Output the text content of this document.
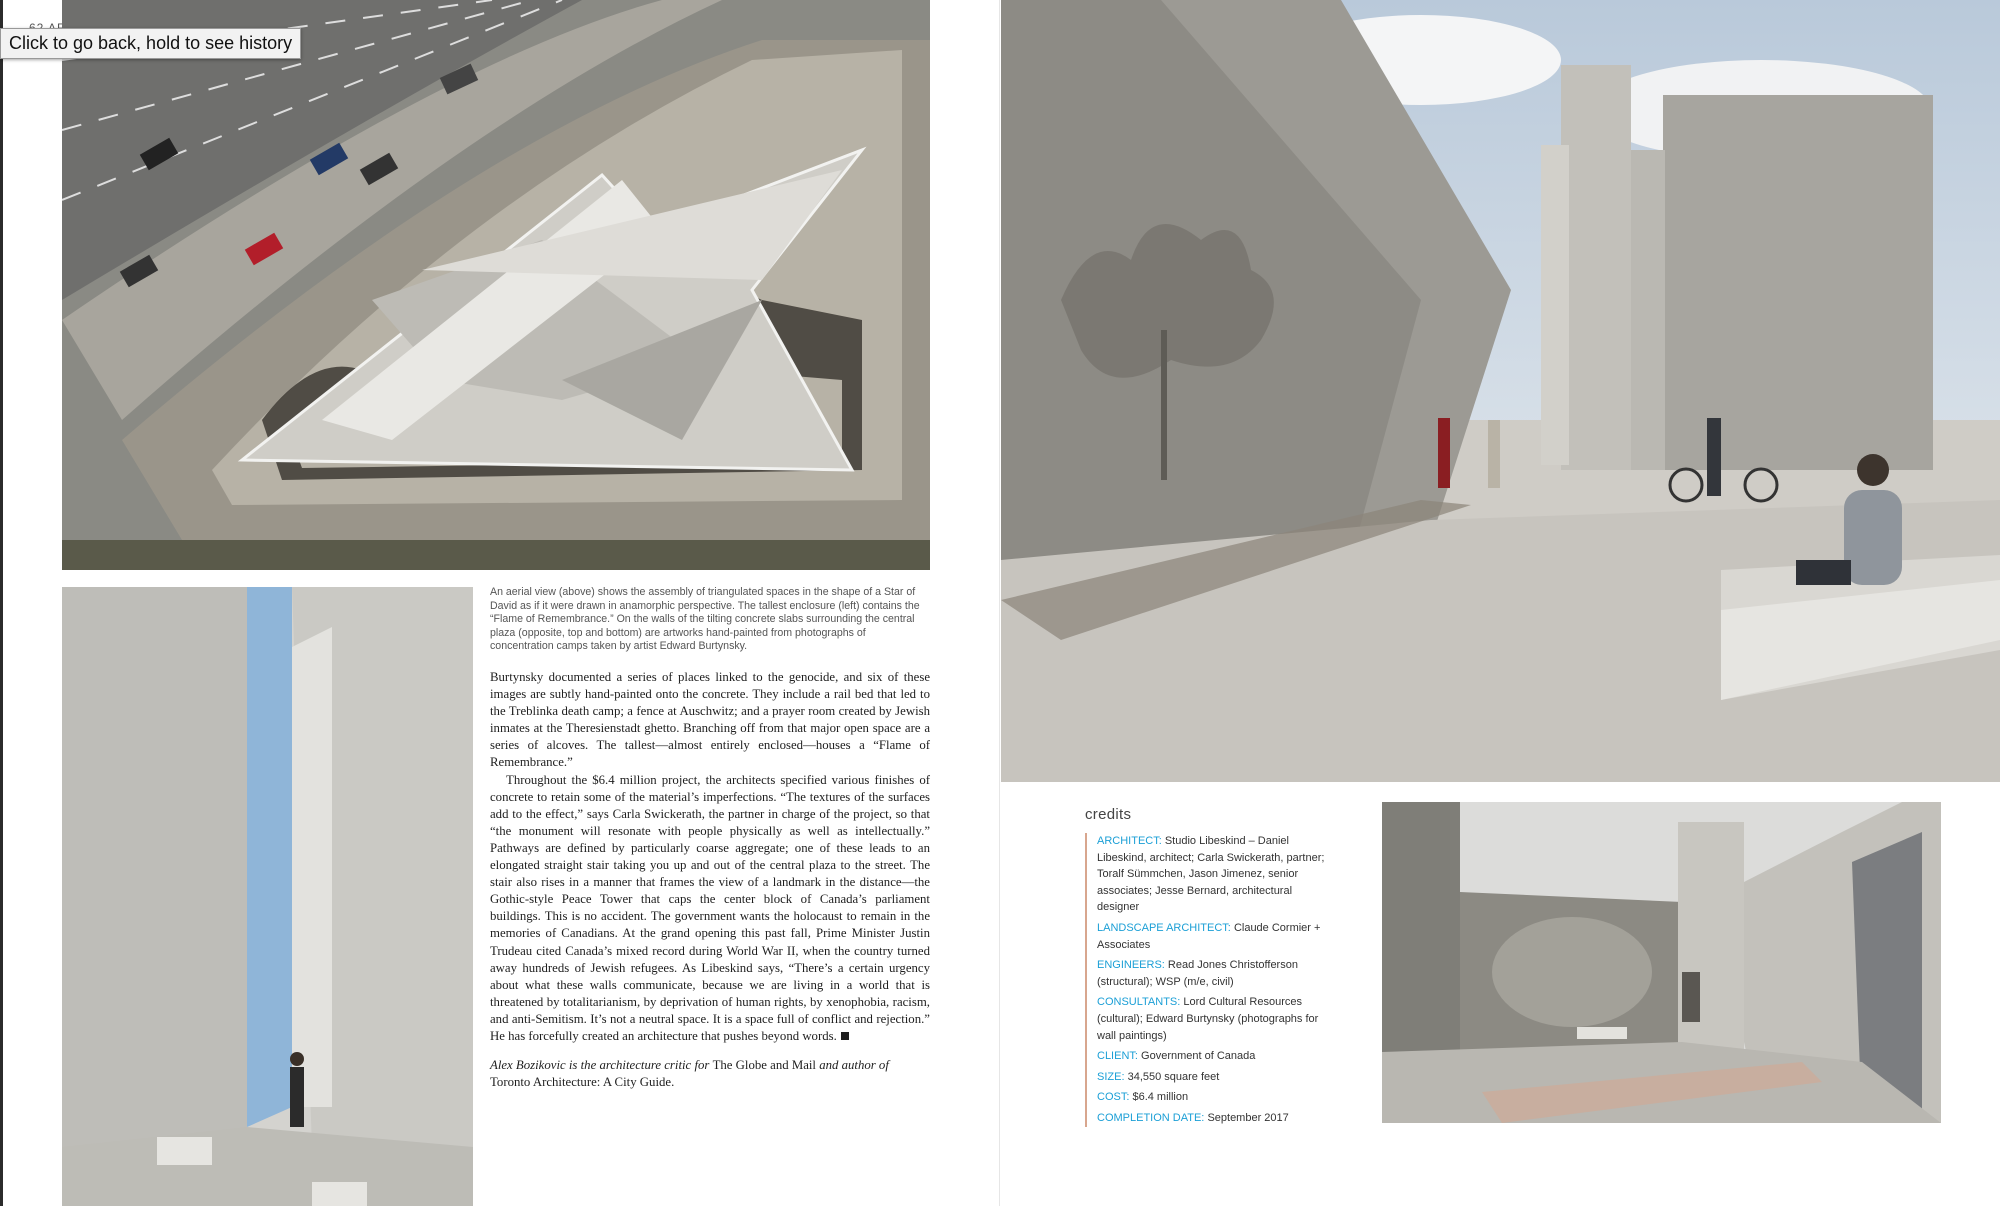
An aerial view (above) shows the assembly of triangulated spaces in the shape of a Star of David as if it were drawn in anamorphic perspective. The tallest enclosure (left) contains the “Flame of Remembrance.” On the walls of the tilting concrete slabs surrounding the central plaza (opposite, top and bottom) are artworks hand-painted from photographs of concentration camps taken by artist Edward Burtynsky.

Burtynsky documented a series of places linked to the genocide, and six of these images are subtly hand-painted onto the concrete. They include a rail bed that led to the Treblinka death camp; a fence at Auschwitz; and a prayer room created by Jewish inmates at the Theresienstadt ghetto. Branching off from that major open space are a series of alcoves. The tallest—almost entirely enclosed—houses a “Flame of Remembrance.”

Throughout the $6.4 million project, the architects specified various finishes of concrete to retain some of the material’s imperfections. “The textures of the surfaces add to the effect,” says Carla Swickerath, the partner in charge of the project, so that “the monument will resonate with people physically as well as intellectually.” Pathways are defined by particularly coarse aggregate; one of these leads to an elongated straight stair taking you up and out of the central plaza to the street. The stair also rises in a manner that frames the view of a landmark in the distance—the Gothic-style Peace Tower that caps the center block of Canada’s parliament buildings. This is no accident. The government wants the holocaust to remain in the memories of Canadians. At the grand opening this past fall, Prime Minister Justin Trudeau cited Canada’s mixed record during World War II, when the country turned away hundreds of Jewish refugees. As Libeskind says, “There’s a certain urgency about what these walls communicate, because we are living in a world that is threatened by totalitarianism, by deprivation of human rights, by xenophobia, racism, and anti-Semitism. It’s not a neutral space. It is a space full of conflict and rejection.” He has forcefully created an architecture that pushes beyond words.

Alex Bozikovic is the architecture critic for The Globe and Mail and author of
Toronto Architecture: A City Guide.

credits
ARCHITECT: Studio Libeskind – Daniel Libeskind, architect; Carla Swickerath, partner; Toralf Sümmchen, Jason Jimenez, senior associates; Jesse Bernard, architectural designer
LANDSCAPE ARCHITECT: Claude Cormier + Associates
ENGINEERS: Read Jones Christofferson (structural); WSP (m/e, civil)
CONSULTANTS: Lord Cultural Resources (cultural); Edward Burtynsky (photographs for wall paintings)
CLIENT: Government of Canada
SIZE: 34,550 square feet
COST: $6.4 million
COMPLETION DATE: September 2017
Click to go back, hold to see history
